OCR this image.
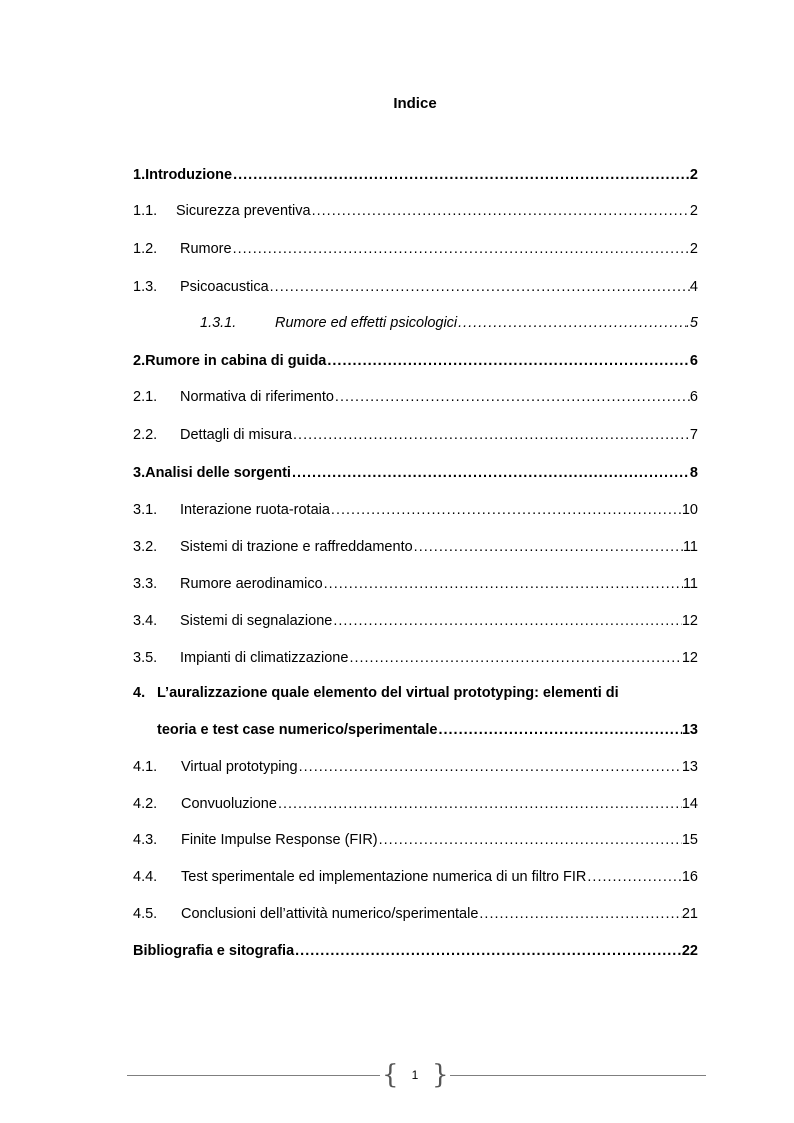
Indice
1. Introduzione .....	2
1.1.	Sicurezza preventiva .....	2
1.2.	Rumore .....	2
1.3.	Psicoacustica .....	4
1.3.1.	Rumore ed effetti psicologici .....	.5
2. Rumore in cabina di guida .....	6
2.1.	Normativa di riferimento .....	6
2.2.	Dettagli di misura .....	7
3. Analisi delle sorgenti .....	8
3.1.	Interazione ruota-rotaia .....	10
3.2.	Sistemi di trazione e raffreddamento .....	11
3.3.	Rumore aerodinamico .....	11
3.4.	Sistemi di segnalazione .....	12
3.5.	Impianti di climatizzazione .....	12
4. L’auralizzazione quale elemento del virtual prototyping: elementi di
teoria e test case numerico/sperimentale .....	13
4.1.	Virtual prototyping .....	13
4.2.	Convuoluzione .....	14
4.3.	Finite Impulse Response (FIR) .....	15
4.4.	Test sperimentale ed implementazione numerica di un filtro FIR .....	16
4.5.	Conclusioni dell’attività numerico/sperimentale .....	21
Bibliografia e sitografia .....	22
{ }
1
